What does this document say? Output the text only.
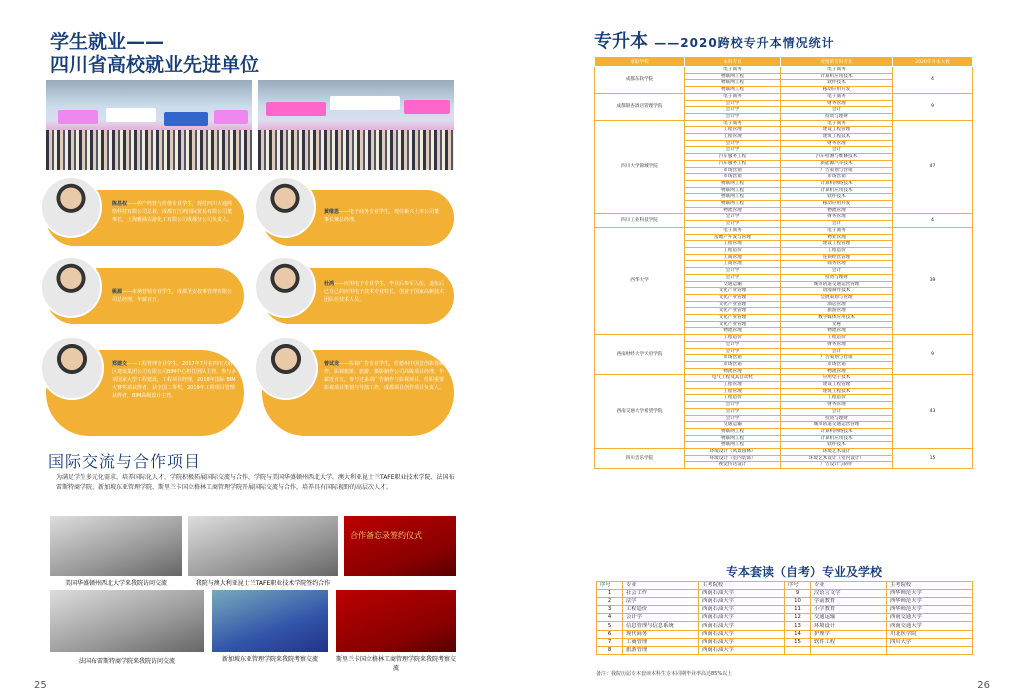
学生就业——
四川省高校就业先进单位
陈昌权——停产经营与价值专业学生，现任四川大通网络科技有限公司总裁，成都万江鸿国际贸易有限公司董事长，上海雅浦古游化工有限公司成都分公司负责人。
黄维思——电子商务专业学生，现任新兴上市公司董事长兼总经理。
姚源——市场营销专业学生，成都圣安叔事管理有限公司总经理，年薪百万。
杜鸿——应用电子专业学生，毕业后参军入伍，退伍后已自己的应用电子技术专业特长，创业于国家高新技术团队任技术人员。
郑建文——工程管理专业学生，2017年7月在四川天府新区建设集团公司有限公司BIM中心担任团队主管，参与多项国家大型工程建设，工程项目经理，2018年国际 BIM 大赛奖项获得者，获全国二等奖，2019年工程项目管理获得者，BIM高级设计主管。
曾试龙——影视广告专业学生，任德州中国首创影视制作，影视旅游、旅游、摄影制作公司高级项目经理，年薪近百万，参与过多项广告制作与影视项目，任职重要影视项目策划与导演工作，成都项目创作项目负责人。
国际交流与合作项目
为满足学生多元化需求，培养国际化人才，学院积极拓展国际交流与合作，学院与美国华盛顿州西北大学，澳大利亚昆士兰TAFE职业技术学院、法国布雷斯特商学院、新加坡东亚管理学院、斯里兰卡国立格林工商管理学院开展国际交流与合作，培养具有国际视野的高层次人才。
合作备忘录签约仪式
美国华盛顿州西北大学来我院访问交流	我院与澳大利亚昆士兰TAFE职业技术学院签约合作
法国布雷斯特商学院来我院访问交流	新加坡东亚管理学院来我院考察交流	斯里兰卡国立格林工商管理学院来我院考察交流
25
专升本 ——2020跨校专升本情况统计
录取学校	本科专业	对接的专科专业	2020年升本人数
成都东软学院	电子商务	电子商务	4
	物联网工程	计算机应用技术	
	物联网工程	软件技术	
	物联网工程	移动应用开发	
成都银杏酒店管理学院	电子商务	电子商务	9
	会计学	财务管理	
	会计学	会计	
	会计学	投资与理财	
四川大学锦城学院	电子商务	电子商务	47
	工程管理	建设工程管理	
	工程管理	建筑工程技术	
	会计学	财务管理	
	会计学	会计	
	汽车服务工程	汽车检测与维修技术	
	汽车服务工程	新能源汽车技术	
	市场营销	广告策划与营销	
	市场营销	市场营销	
	物联网工程	计算机网络技术	
	物联网工程	计算机应用技术	
	物联网工程	软件技术	
	物联网工程	移动应用开发	
	物流管理	物流管理	
四川工业科技学院	会计学	财务管理	4
	会计学	会计	
西华大学	电子商务	电子商务	39
	房地产开发与管理	物业管理	
	工程管理	建设工程管理	
	工程造价	工程造价	
	工商管理	连锁经营管理	
	工商管理	商务管理	
	会计学	会计	
	会计学	投资与理财	
	交通运输	城市轨道交通运营管理	
	文化产业管理	动漫制作技术	
	文化产业管理	会展策划与管理	
	文化产业管理	酒店管理	
	文化产业管理	旅游管理	
	文化产业管理	数字媒体应用技术	
	文化产业管理	文秘	
	物流管理	物流管理	
西南财经大学天府学院	工程造价	工程造价	9
	会计学	财务管理	
	会计学	会计	
	市场营销	广告策划与营销	
	市场营销	市场营销	
	物流管理	物流管理	
西南交通大学希望学院	电气工程及其自动化	应用电子技术	43
	工程管理	建设工程管理	
	工程管理	建筑工程技术	
	工程造价	工程造价	
	会计学	财务管理	
	会计学	会计	
	会计学	投资与理财	
	交通运输	城市轨道交通运营管理	
	物联网工程	计算机网络技术	
	物联网工程	计算机应用技术	
	物联网工程	软件技术	
四川音乐学院	环境设计（风景园林）	环境艺术设计	15
	环境设计（室内装饰）	环境艺术设计（室内设计）	
	视觉传达设计	广告设计与制作	
专本套读（自考）专业及学校
序号	专业	主考院校	序号	专业	主考院校
1	社会工作	西南石油大学	9	汉语言文学	西华师范大学
2	法学	西南石油大学	10	学前教育	西华师范大学
3	工程造价	西南石油大学	11	小学教育	西华师范大学
4	会计学	西南石油大学	12	交通运输	西南交通大学
5	信息管理与信息系统	西南石油大学	13	环境设计	西南交通大学
6	现代商务	西南石油大学	14	护理学	川北医学院
7	工商管理	西南石油大学	15	软件工程	四川大学
8	旅游管理	西南石油大学			
备注：我院历届专本套读本科生专本同期毕业率高达85%以上
26
